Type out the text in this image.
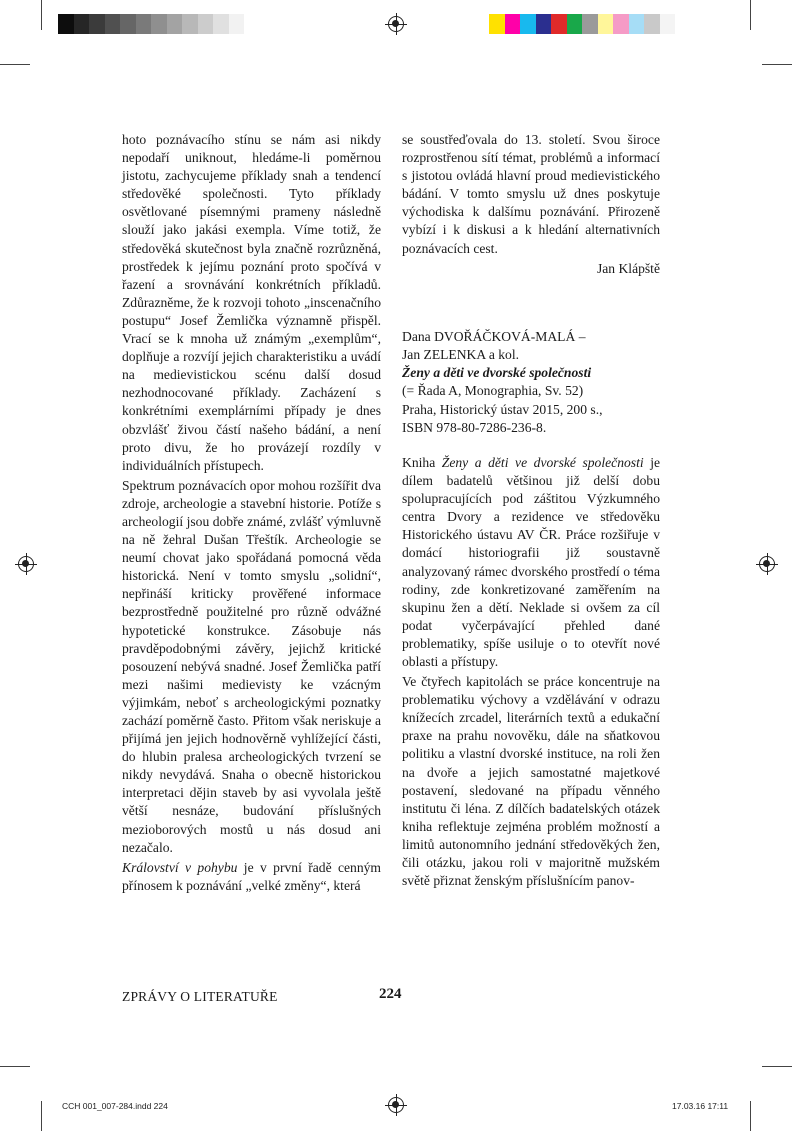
hoto poznávacího stínu se nám asi nikdy nepodaří uniknout, hledáme-li poměrnou jistotu, zachycujeme příklady snah a tendencí středověké společnosti. Tyto příklady osvětlované písemnými prameny následně slouží jako jakási exempla. Víme totiž, že středověká skutečnost byla značně rozrůzněná, prostředek k jejímu poznání proto spočívá v řazení a srovnávání konkrétních příkladů. Zdůrazněme, že k rozvoji tohoto „inscenačního postupu“ Josef Žemlička významně přispěl. Vrací se k mnoha už známým „exemplům“, doplňuje a rozvíjí jejich charakteristiku a uvádí na medievistickou scénu další dosud nezhodnocované příklady. Zacházení s konkrétními exemplárními případy je dnes obzvlášť živou částí našeho bádání, a není proto divu, že ho provázejí rozdíly v individuálních přístupech.

Spektrum poznávacích opor mohou rozšířit dva zdroje, archeologie a stavební historie. Potíže s archeologií jsou dobře známé, zvlášť výmluvně na ně žehral Dušan Třeštík. Archeologie se neumí chovat jako spořádaná pomocná věda historická. Není v tomto smyslu „solidní“, nepřináší kriticky prověřené informace bezprostředně použitelné pro různě odvážné hypotetické konstrukce. Zásobuje nás pravděpodobnými závěry, jejichž kritické posouzení nebývá snadné. Josef Žemlička patří mezi našimi medievisty ke vzácným výjimkám, neboť s archeologickými poznatky zachází poměrně často. Přitom však neriskuje a přijímá jen jejich hodnověrně vyhlížející části, do hlubin pralesa archeologických tvrzení se nikdy nevydává. Snaha o obecně historickou interpretaci dějin staveb by asi vyvolala ještě větší nesnáze, budování příslušných mezioborových mostů u nás dosud ani nezačalo.

Království v pohybu je v první řadě cenným přínosem k poznávání „velké změny“, která

se soustřeďovala do 13. století. Svou široce rozprostřenou sítí témat, problémů a informací s jistotou ovládá hlavní proud medievistického bádání. V tomto smyslu už dnes poskytuje východiska k dalšímu poznávání. Přirozeně vybízí i k diskusi a k hledání alternativních poznávacích cest.

Jan Klápště

Dana DVOŘÁČKOVÁ-MALÁ –
Jan ZELENKA a kol.
Ženy a děti ve dvorské společnosti
(= Řada A, Monographia, Sv. 52)
Praha, Historický ústav 2015, 200 s.,
ISBN 978-80-7286-236-8.

Kniha Ženy a děti ve dvorské společnosti je dílem badatelů většinou již delší dobu spolupracujících pod záštitou Výzkumného centra Dvory a rezidence ve středověku Historického ústavu AV ČR. Práce rozšiřuje v domácí historiografii již soustavně analyzovaný rámec dvorského prostředí o téma rodiny, zde konkretizované zaměřením na skupinu žen a dětí. Neklade si ovšem za cíl podat vyčerpávající přehled dané problematiky, spíše usiluje o to otevřít nové oblasti a přístupy.

Ve čtyřech kapitolách se práce koncentruje na problematiku výchovy a vzdělávání v odrazu knížecích zrcadel, literárních textů a edukační praxe na prahu novověku, dále na sňatkovou politiku a vlastní dvorské instituce, na roli žen na dvoře a jejich samostatné majetkové postavení, sledované na případu věnného institutu či léna. Z dílčích badatelských otázek kniha reflektuje zejména problém možností a limitů autonomního jednání středověkých žen, čili otázku, jakou roli v majoritně mužském světě přiznat ženským příslušnícím panov-

ZPRÁVY O LITERATUŘE	224
CCH 001_007-284.indd 224	17.03.16 17:11
